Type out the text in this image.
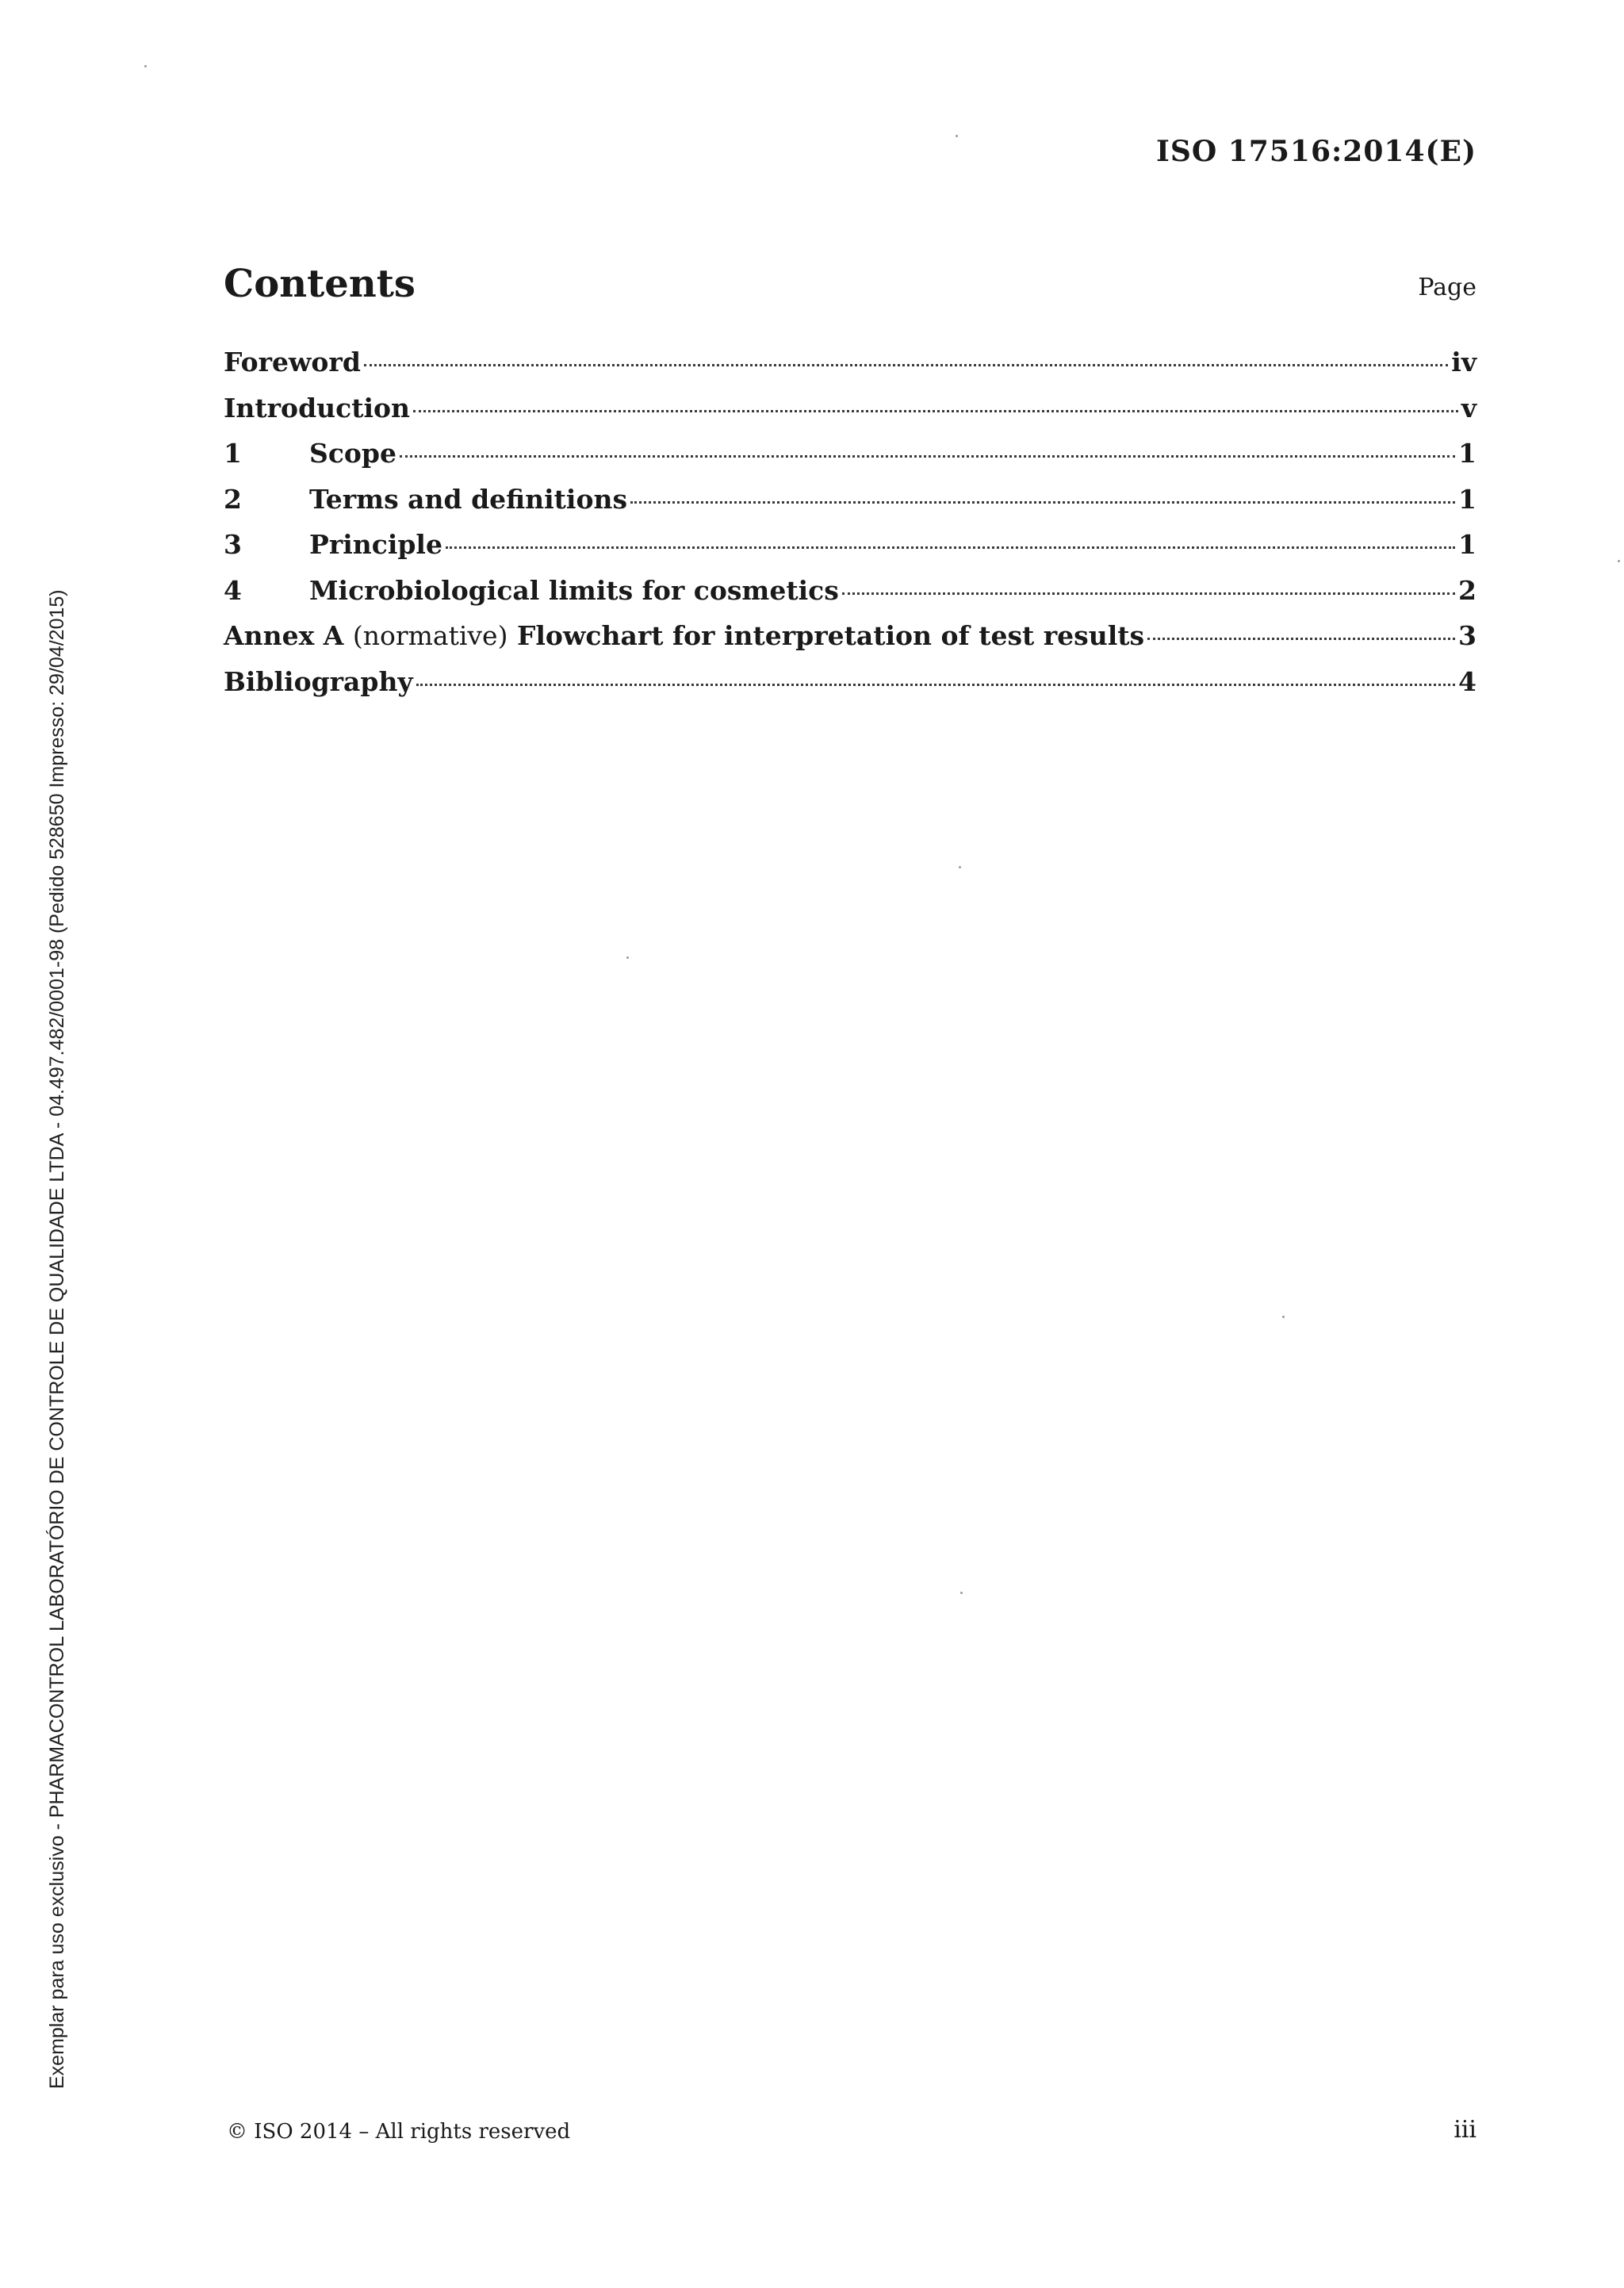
ISO 17516:2014(E)
Contents	Page
Foreword	iv
Introduction	v
1	Scope	1
2	Terms and definitions	1
3	Principle	1
4	Microbiological limits for cosmetics	2
Annex A (normative) Flowchart for interpretation of test results	3
Bibliography	4
Exemplar para uso exclusivo - PHARMACONTROL LABORATÓRIO DE CONTROLE DE QUALIDADE LTDA - 04.497.482/0001-98 (Pedido 528650 Impresso: 29/04/2015)
© ISO 2014 – All rights reserved	iii
